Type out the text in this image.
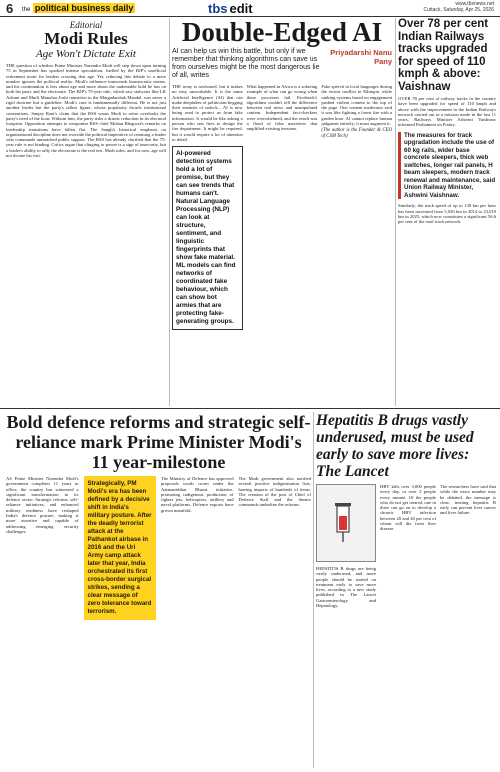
6 the political business daily	tbs edit	www.tbsnews.net
Cuttack, Saturday, Apr 25, 2026
Editorial
Modi Rules
Age Won't Dictate Exit
THE question of whether Prime Minister Narendra Modi will step down upon turning 75 in September has sparked intense speculation, fuelled by the BJP's unofficial retirement norm for leaders crossing that age. Yet, reducing this debate to a mere number ignores the political reality: Modi's influence transcends bureaucratic norms, and his continuation is less about age and more about the undeniable hold he has on both his party and the electorate. The BJP's 75-year rule, which saw stalwarts like LK Advani and Murli Manohar Joshi transition to the Margadarshak Mandal, was never a rigid doctrine but a guideline. Modi's case is fundamentally different. He is not just another leader but the party's tallest figure, whose popularity dwarfs institutional conventions. Sanjay Raut's claim that the RSS wants Modi to retire overlooks the party's need of the hour. Without him, the party risks a drastic reduction in its electoral footprint. Opposition attempts to weaponise RSS chief Mohan Bhagwat's remarks on leadership transitions have fallen flat. The Sangh's historical emphasis on organisational discipline does not override the political imperative of retaining a leader who commands unmatched public support. The RSS has already clarified that the 75-year rule is not binding. Critics argue that clinging to power is a sign of insecurity, but a leader's ability to rally the electorate is the real test. Modi rules, and for now, age will not dictate his exit.
Double-Edged AI
AI can help us win this battle, but only if we remember that thinking algorithms can save us from ourselves might be the most dangerous lie of all, writes
Priyadarshi Nanu Pany
THE irony is rawboned, but it makes no easy unworkable. It is the same Artificial Intelligence (AI) that can make deepfakes of politicians begging their enemies of unlock... AI is now being used to protect us from fake information. It would be like asking a person who sets fires to design the fire department. It might be required, but it would require a lot of attention to detail.
AI-powered detection systems hold a lot of promise, but they can see trends that humans can't. Natural Language Processing (NLP) can look at structure, sentiment, and linguistic fingerprints that show fake material. ML models can find networks of coordinated fake behaviour, which can show bot armies that are protecting fake-generating groups.
What happened in Africa is a sobering example of what can go wrong when these processes fail. Facebook's algorithms couldn't tell the difference between real news and manipulated content. Independent fact-checkers were overwhelmed, and the result was a flood of false narratives that amplified existing tensions.
Fake speech in local languages during the recent conflict in Ethiopia, while ranking systems based on engagement pushed violent content to the top of the page. One content moderator said it was like fighting a forest fire with a garden hose. AI cannot replace human judgment entirely; it must augment it.
(The author is the Founder & CEO of CSM Tech)
Over 78 per cent Indian Railways tracks upgraded for speed of 110 kmph & above: Vaishnaw
OVER 78 per cent of railway tracks in the country have been upgraded for speed of 110 kmph and above with the improvement in the Indian Railways network carried out in a mission mode in the last 11 years, Railways Minister Ashwini Vaishnaw informed Parliament on Friday.
The measures for track upgradation include the use of 60 kg rails, wider base concrete sleepers, thick web switches, longer rail panels, H beam sleepers, modern track renewal and maintenance, said Union Railway Minister, Ashwini Vaishnaw.
Similarly, the track speed of up to 130 km per hour has been increased from 5,036 km in 2014 to 23,010 km in 2025, which now constitutes a significant 56.6 per cent of the total track network.
Bold defence reforms and strategic self-reliance mark Prime Minister Modi's 11 year-milestone
AS Prime Minister Narendra Modi's government completes 11 years in office, the country has witnessed a significant transformation in its defence sector. Strategic reforms, self-reliance initiatives, and enhanced military readiness have reshaped India's defence posture, making it more assertive and capable of addressing emerging security challenges.
Strategically, PM Modi's era has been defined by a decisive shift in India's military posture. After the deadly terrorist attack at the Pathankot airbase in 2016 and the Uri Army camp attack later that year, India orchestrated its first cross-border surgical strikes, sending a clear message of zero tolerance toward terrorism.
The Ministry of Defence has approved proposals worth crores under the Aatmanirbhar Bharat initiative, promoting indigenous production of fighter jets, helicopters, artillery and naval platforms. Defence exports have grown manifold.
The Modi government also notified several positive indigenisation lists, barring imports of hundreds of items. The creation of the post of Chief of Defence Staff and the theatre commands underline the reforms.
Hepatitis B drugs vastly underused, must be used early to save more lives: The Lancet
HEPATITIS B drugs are being vastly underused, and more people should be started on treatment early to save more lives, according to a new study published in The Lancet Gastroenterology and Hepatology.
HBV kills over 3,000 people every day, or over 2 people every minute. Of the people who do not get treated, one in three can go on to develop a chronic HBV infection between 20 and 40 per cent of whom will die from liver disease.
The researchers have said that while the exact number may be debated, the message is clear: treating hepatitis B early can prevent liver cancer and liver failure.
